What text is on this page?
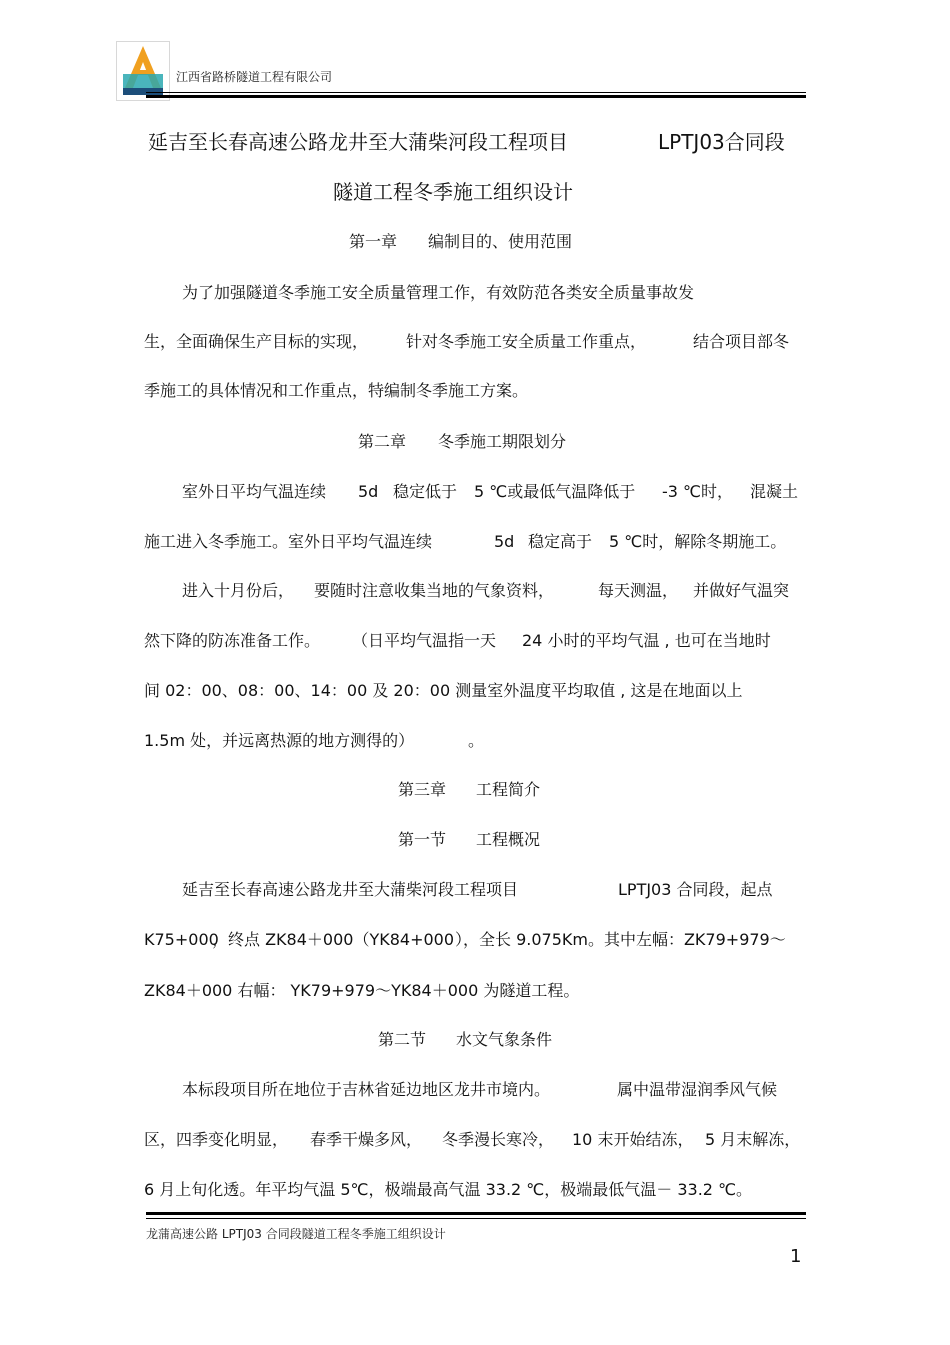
江西省路桥隧道工程有限公司
延吉至长春高速公路龙井至大蒲柴河段工程项目	LPTJ03合同段
隧道工程冬季施工组织设计
第一章 编制目的、使用范围
为了加强隧道冬季施工安全质量管理工作，有效防范各类安全质量事故发
生，全面确保生产目标的实现， 针对冬季施工安全质量工作重点，	结合项目部冬
季施工的具体情况和工作重点，特编制冬季施工方案。
第二章 冬季施工期限划分
室外日平均气温连续 5d 稳定低于 5 ℃或最低气温降低于 -3 ℃时， 混凝土
施工进入冬季施工。室外日平均气温连续	5d 稳定高于 5 ℃时，解除冬期施工。
进入十月份后， 要随时注意收集当地的气象资料，	每天测温， 并做好气温突
然下降的防冻准备工作。 （日平均气温指一天 24 小时的平均气温 , 也可在当地时
间 02：00、08：00、14：00 及 20：00 测量室外温度平均取值 , 这是在地面以上
1.5m 处，并远离热源的地方测得的）	。
第三章 工程简介
第一节 工程概况
延吉至长春高速公路龙井至大蒲柴河段工程项目	LPTJ03 合同段，起点
K75+000
，终点 ZK84＋000（YK84+000 ），全长 9.075Km。其中左幅：ZK79+979～
ZK84＋000 右幅： YK79+979～YK84＋000 为隧道工程。
第二节 水文气象条件
本标段项目所在地位于吉林省延边地区龙井市境内。	属中温带湿润季风气候
区，四季变化明显， 春季干燥多风， 冬季漫长寒冷， 10 末开始结冻， 5 月末解冻，
6 月上旬化透。年平均气温 5℃，极端最高气温 33.2 ℃，极端最低气温－ 33.2 ℃。
龙蒲高速公路 LPTJ03 合同段隧道工程冬季施工组织设计
1
